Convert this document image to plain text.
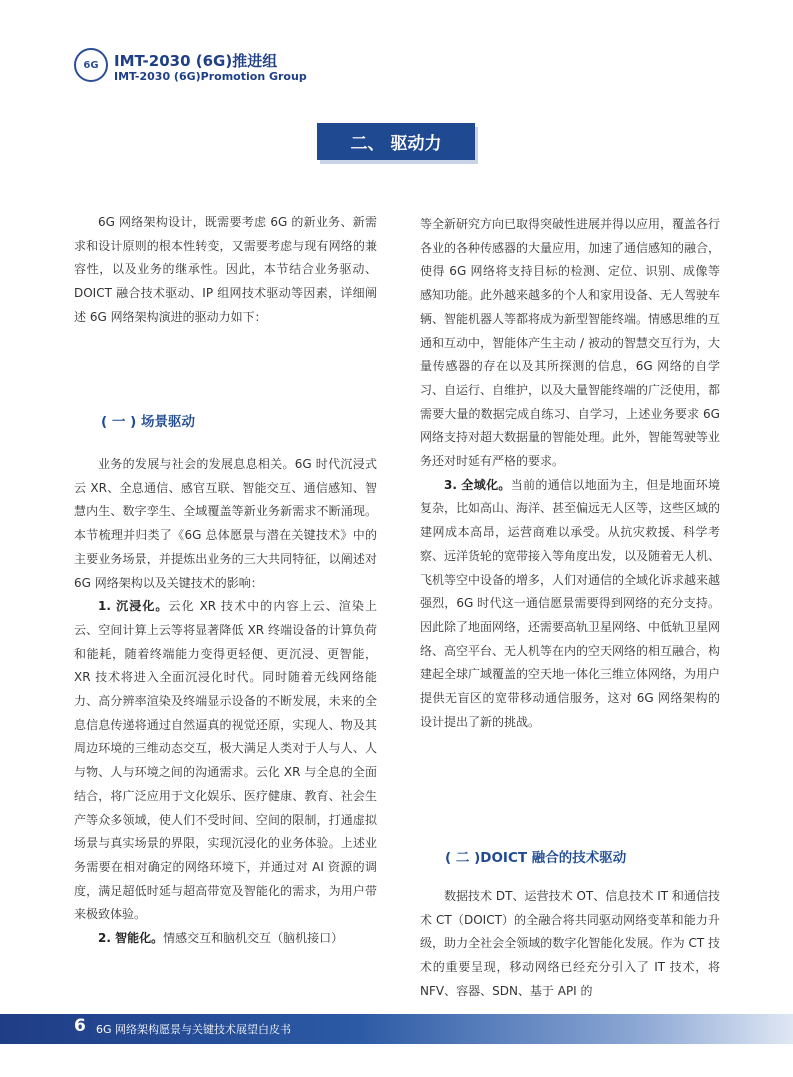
6G IMT-2030 (6G)推进组
IMT-2030 (6G)Promotion Group
二、 驱动力

6G 网络架构设计，既需要考虑 6G 的新业务、新需求和设计原则的根本性转变，又需要考虑与现有网络的兼容性，以及业务的继承性。因此，本节结合业务驱动、DOICT 融合技术驱动、IP 组网技术驱动等因素，详细阐述 6G 网络架构演进的驱动力如下：

( 一 ) 场景驱动

业务的发展与社会的发展息息相关。6G 时代沉浸式云 XR、全息通信、感官互联、智能交互、通信感知、智慧内生、数字孪生、全域覆盖等新业务新需求不断涌现。本节梳理并归类了《6G 总体愿景与潜在关键技术》中的主要业务场景，并提炼出业务的三大共同特征，以阐述对 6G 网络架构以及关键技术的影响：

1. 沉浸化。云化 XR 技术中的内容上云、渲染上云、空间计算上云等将显著降低 XR 终端设备的计算负荷和能耗，随着终端能力变得更轻便、更沉浸、更智能，XR 技术将进入全面沉浸化时代。同时随着无线网络能力、高分辨率渲染及终端显示设备的不断发展，未来的全息信息传递将通过自然逼真的视觉还原，实现人、物及其周边环境的三维动态交互，极大满足人类对于人与人、人与物、人与环境之间的沟通需求。云化 XR 与全息的全面结合，将广泛应用于文化娱乐、医疗健康、教育、社会生产等众多领域，使人们不受时间、空间的限制，打通虚拟场景与真实场景的界限，实现沉浸化的业务体验。上述业务需要在相对确定的网络环境下，并通过对 AI 资源的调度，满足超低时延与超高带宽及智能化的需求，为用户带来极致体验。

2. 智能化。情感交互和脑机交互（脑机接口）

等全新研究方向已取得突破性进展并得以应用，覆盖各行各业的各种传感器的大量应用，加速了通信感知的融合，使得 6G 网络将支持目标的检测、定位、识别、成像等感知功能。此外越来越多的个人和家用设备、无人驾驶车辆、智能机器人等都将成为新型智能终端。情感思维的互通和互动中，智能体产生主动 / 被动的智慧交互行为，大量传感器的存在以及其所探测的信息，6G 网络的自学习、自运行、自维护，以及大量智能终端的广泛使用，都需要大量的数据完成自练习、自学习，上述业务要求 6G 网络支持对超大数据量的智能处理。此外，智能驾驶等业务还对时延有严格的要求。

3. 全域化。当前的通信以地面为主，但是地面环境复杂，比如高山、海洋、甚至偏远无人区等，这些区域的建网成本高昂，运营商难以承受。从抗灾救援、科学考察、远洋货轮的宽带接入等角度出发，以及随着无人机、飞机等空中设备的增多，人们对通信的全域化诉求越来越强烈，6G 时代这一通信愿景需要得到网络的充分支持。因此除了地面网络，还需要高轨卫星网络、中低轨卫星网络、高空平台、无人机等在内的空天网络的相互融合，构建起全球广域覆盖的空天地一体化三维立体网络，为用户提供无盲区的宽带移动通信服务，这对 6G 网络架构的设计提出了新的挑战。

( 二 )DOICT 融合的技术驱动

数据技术 DT、运营技术 OT、信息技术 IT 和通信技术 CT（DOICT）的全融合将共同驱动网络变革和能力升级，助力全社会全领域的数字化智能化发展。作为 CT 技术的重要呈现，移动网络已经充分引入了 IT 技术，将 NFV、容器、SDN、基于 API 的

6 6G 网络架构愿景与关键技术展望白皮书
